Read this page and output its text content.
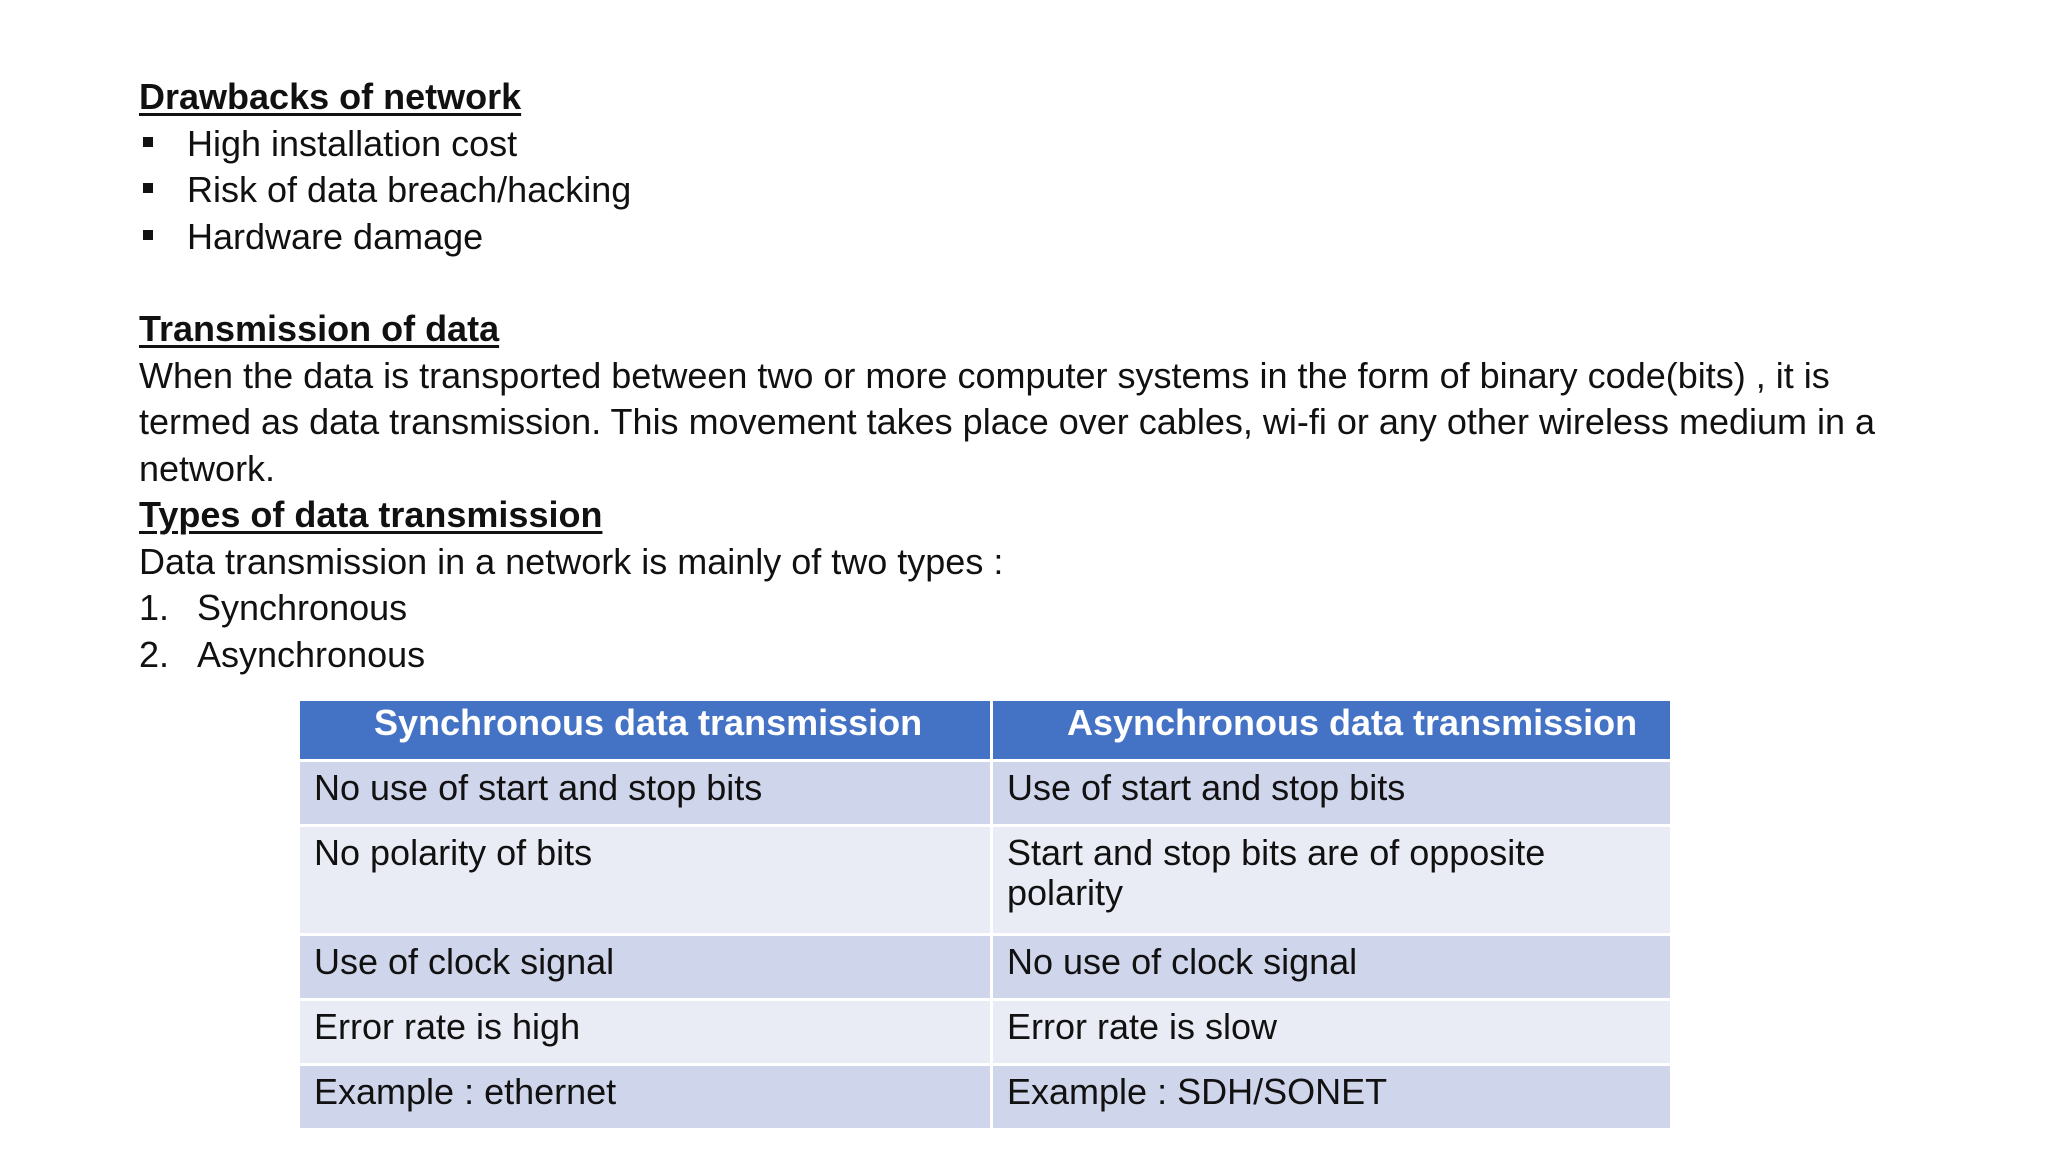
Drawbacks of network
High installation cost
Risk of data breach/hacking
Hardware damage
Transmission of data

When the data is transported between two or more computer systems in the form of binary code(bits) , it is termed as data transmission. This movement takes place over cables, wi-fi or any other wireless medium in a network.

Types of data transmission
Data transmission in a network is mainly of two types :
1. Synchronous
2. Asynchronous
Synchronous data transmission	Asynchronous data transmission
No use of start and stop bits	Use of start and stop bits
No polarity of bits	Start and stop bits are of opposite polarity
Use of clock signal	No use of clock signal
Error rate is high	Error rate is slow
Example : ethernet	Example : SDH/SONET
